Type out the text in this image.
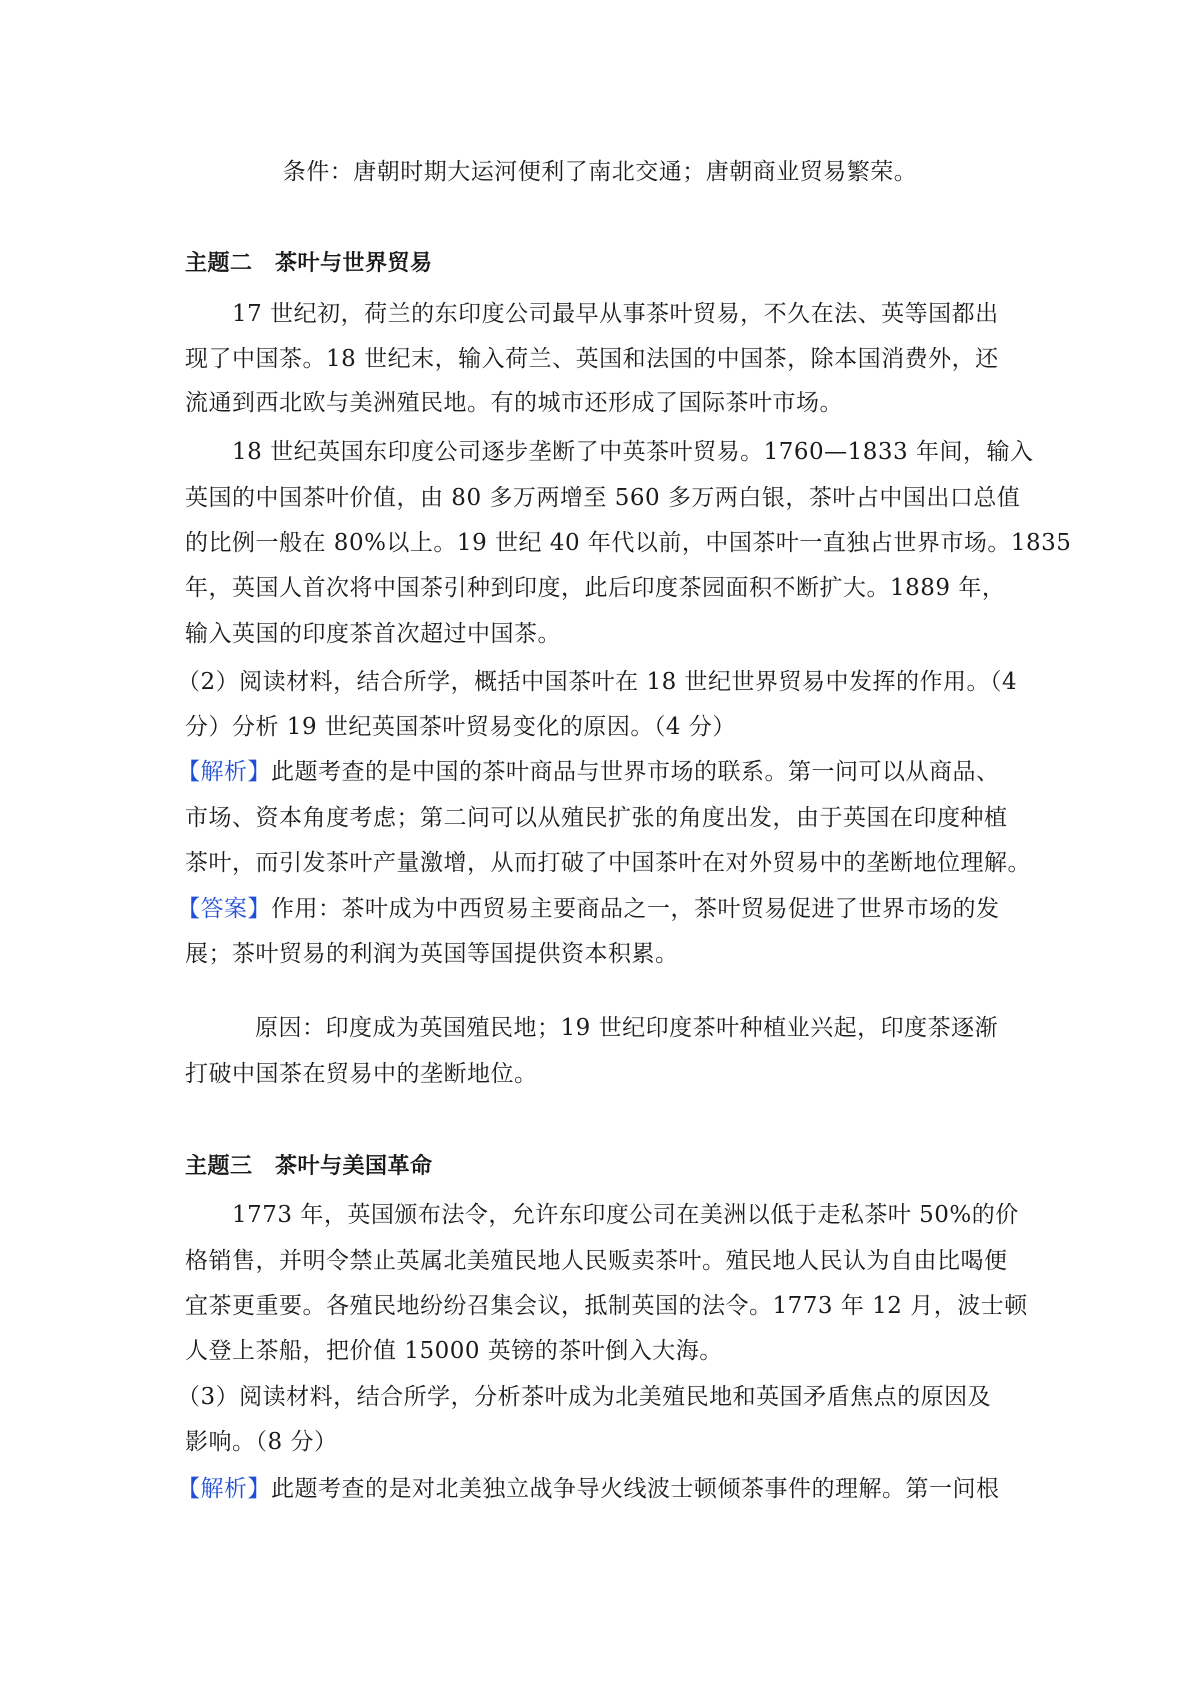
条件：唐朝时期大运河便利了南北交通；唐朝商业贸易繁荣。

主题二　茶叶与世界贸易

17 世纪初，荷兰的东印度公司最早从事茶叶贸易，不久在法、英等国都出

现了中国茶。18 世纪末，输入荷兰、英国和法国的中国茶，除本国消费外，还

流通到西北欧与美洲殖民地。有的城市还形成了国际茶叶市场。

18 世纪英国东印度公司逐步垄断了中英茶叶贸易。1760—1833 年间，输入

英国的中国茶叶价值，由 80 多万两增至 560 多万两白银，茶叶占中国出口总值

的比例一般在 80%以上。19 世纪 40 年代以前，中国茶叶一直独占世界市场。1835

年，英国人首次将中国茶引种到印度，此后印度茶园面积不断扩大。1889 年，

输入英国的印度茶首次超过中国茶。

（2）阅读材料，结合所学，概括中国茶叶在 18 世纪世界贸易中发挥的作用。（4

分）分析 19 世纪英国茶叶贸易变化的原因。（4 分）

【解析】此题考查的是中国的茶叶商品与世界市场的联系。第一问可以从商品、

市场、资本角度考虑；第二问可以从殖民扩张的角度出发，由于英国在印度种植

茶叶，而引发茶叶产量激增，从而打破了中国茶叶在对外贸易中的垄断地位理解。

【答案】作用：茶叶成为中西贸易主要商品之一，茶叶贸易促进了世界市场的发

展；茶叶贸易的利润为英国等国提供资本积累。

原因：印度成为英国殖民地；19 世纪印度茶叶种植业兴起，印度茶逐渐

打破中国茶在贸易中的垄断地位。

主题三　茶叶与美国革命

1773 年，英国颁布法令，允许东印度公司在美洲以低于走私茶叶 50%的价

格销售，并明令禁止英属北美殖民地人民贩卖茶叶。殖民地人民认为自由比喝便

宜茶更重要。各殖民地纷纷召集会议，抵制英国的法令。1773 年 12 月，波士顿

人登上茶船，把价值 15000 英镑的茶叶倒入大海。

（3）阅读材料，结合所学，分析茶叶成为北美殖民地和英国矛盾焦点的原因及

影响。（8 分）

【解析】此题考查的是对北美独立战争导火线波士顿倾茶事件的理解。第一问根
